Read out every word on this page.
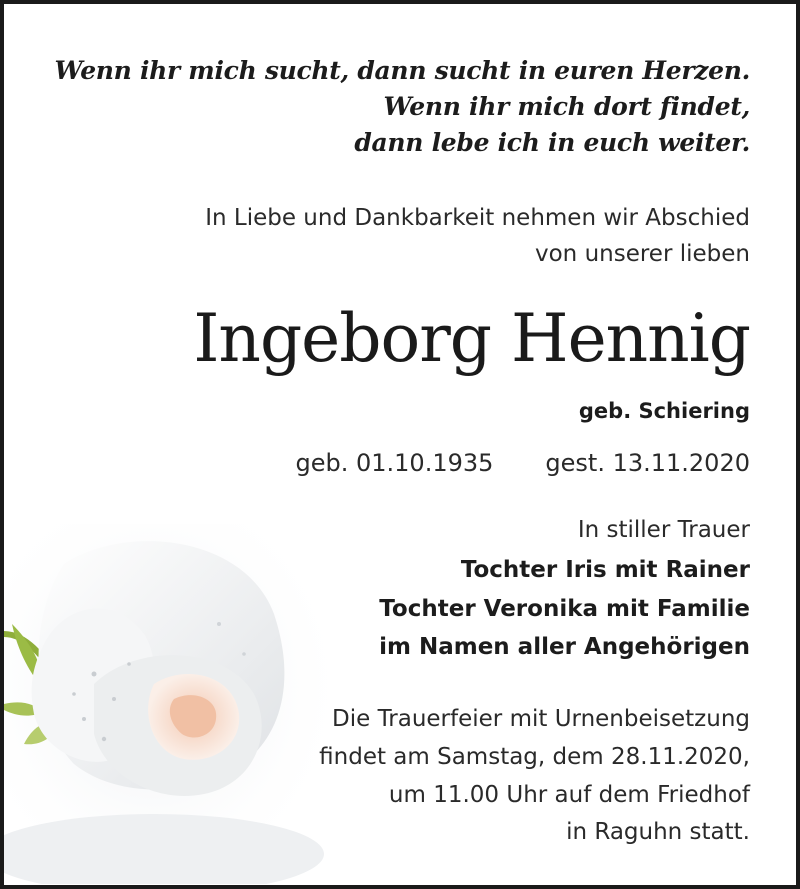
Wenn ihr mich sucht, dann sucht in euren Herzen.
Wenn ihr mich dort findet,
dann lebe ich in euch weiter.
In Liebe und Dankbarkeit nehmen wir Abschied
von unserer lieben
Ingeborg Hennig
geb. Schiering
geb. 01.10.1935 gest. 13.11.2020
In stiller Trauer
Tochter Iris mit Rainer
Tochter Veronika mit Familie
im Namen aller Angehörigen
Die Trauerfeier mit Urnenbeisetzung
findet am Samstag, dem 28.11.2020,
um 11.00 Uhr auf dem Friedhof
in Raguhn statt.
